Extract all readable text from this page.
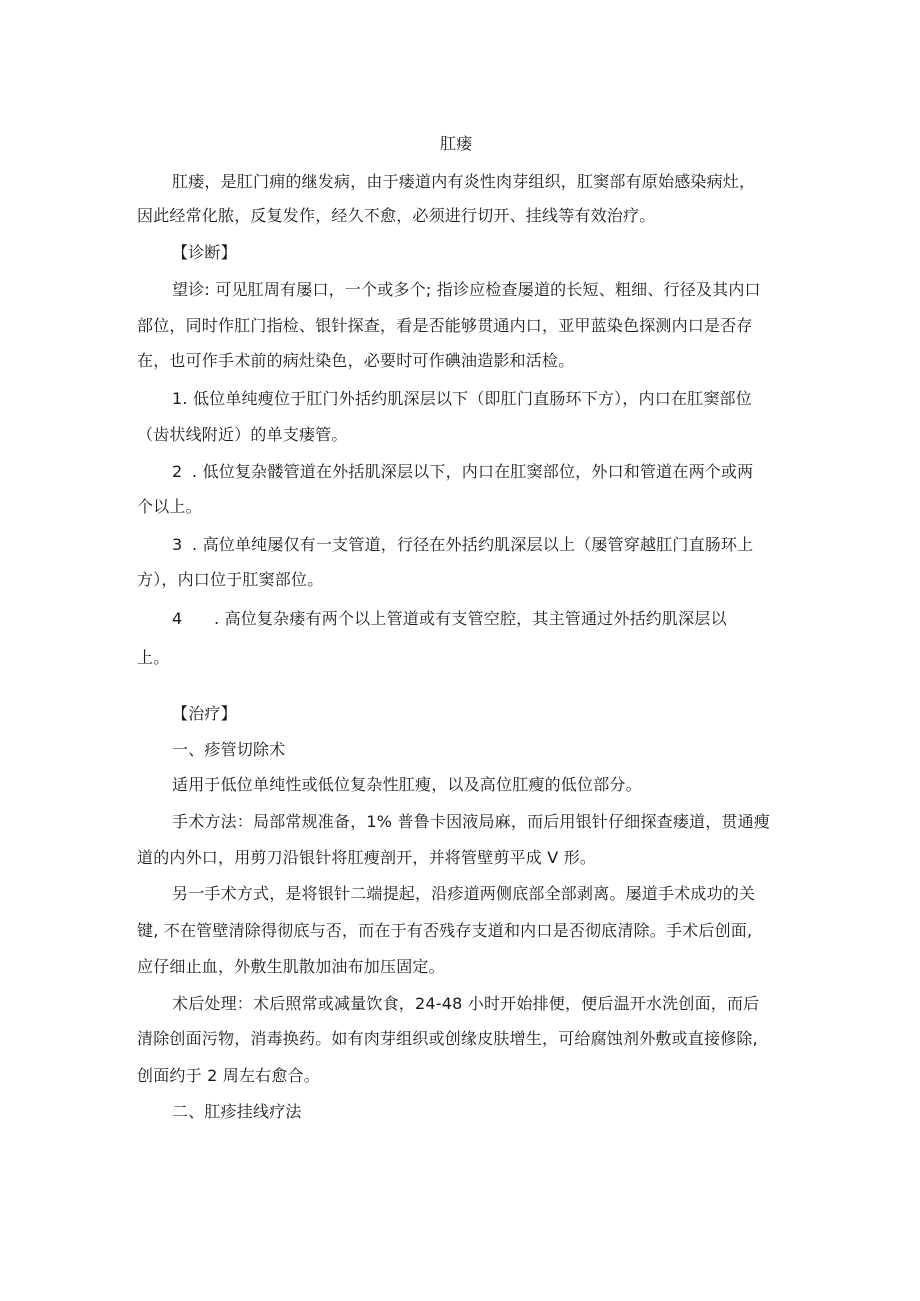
肛瘘
肛瘘，是肛门痈的继发病，由于瘘道内有炎性肉芽组织，肛窦部有原始感染病灶，
因此经常化脓，反复发作，经久不愈，必须进行切开、挂线等有效治疗。
【诊断】
望诊: 可见肛周有屡口，一个或多个; 指诊应检查屡道的长短、粗细、行径及其内口
部位，同时作肛门指检、银针探查，看是否能够贯通内口，亚甲蓝染色探测内口是否存
在，也可作手术前的病灶染色，必要时可作碘油造影和活检。
1. 低位单纯瘦位于肛门外括约肌深层以下（即肛门直肠环下方），内口在肛窦部位
（齿状线附近）的单支瘘管。
2 . 低位复杂髅管道在外括肌深层以下，内口在肛窦部位，外口和管道在两个或两
个以上。
3 . 高位单纯屡仅有一支管道，行径在外括约肌深层以上（屡管穿越肛门直肠环上
方），内口位于肛窦部位。
4 . 高位复杂瘘有两个以上管道或有支管空腔，其主管通过外括约肌深层以
上。
【治疗】
一、疹管切除术
适用于低位单纯性或低位复杂性肛瘦，以及高位肛瘦的低位部分。
手术方法：局部常规准备，1% 普鲁卡因液局麻，而后用银针仔细探查瘘道，贯通瘦
道的内外口，用剪刀沿银针将肛瘦剖开，并将管壁剪平成 V 形。
另一手术方式，是将银针二端提起，沿疹道两侧底部全部剥离。屡道手术成功的关
键, 不在管壁清除得彻底与否，而在于有否残存支道和内口是否彻底清除。手术后创面,
应仔细止血，外敷生肌散加油布加压固定。
术后处理：术后照常或减量饮食，24-48 小时开始排便，便后温开水洗创面，而后
清除创面污物，消毒换药。如有肉芽组织或创缘皮肤增生，可给腐蚀剂外敷或直接修除,
创面约于 2 周左右愈合。
二、肛疹挂线疗法
